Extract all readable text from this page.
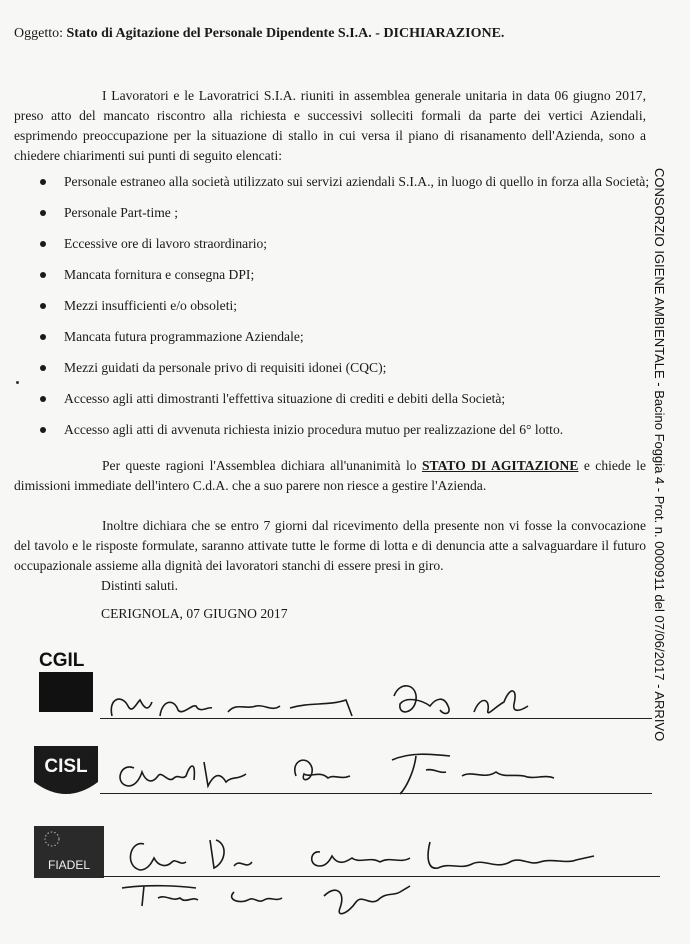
Oggetto: Stato di Agitazione del Personale Dipendente S.I.A. - DICHIARAZIONE.

I Lavoratori e le Lavoratrici S.I.A. riuniti in assemblea generale unitaria in data 06 giugno 2017, preso atto del mancato riscontro alla richiesta e successivi solleciti formali da parte dei vertici Aziendali, esprimendo preoccupazione per la situazione di stallo in cui versa il piano di risanamento dell'Azienda, sono a chiedere chiarimenti sui punti di seguito elencati:

Personale estraneo alla società utilizzato sui servizi aziendali S.I.A., in luogo di quello in forza alla Società;
Personale Part-time ;
Eccessive ore di lavoro straordinario;
Mancata fornitura e consegna DPI;
Mezzi insufficienti e/o obsoleti;
Mancata futura programmazione Aziendale;
Mezzi guidati da personale privo di requisiti idonei (CQC);
Accesso agli atti dimostranti l'effettiva situazione di crediti e debiti della Società;
Accesso agli atti di avvenuta richiesta inizio procedura mutuo per realizzazione del 6° lotto.

Per queste ragioni l'Assemblea dichiara all'unanimità lo STATO DI AGITAZIONE e chiede le dimissioni immediate dell'intero C.d.A. che a suo parere non riesce a gestire l'Azienda.

Inoltre dichiara che se entro 7 giorni dal ricevimento della presente non vi fosse la convocazione del tavolo e le risposte formulate, saranno attivate tutte le forme di lotta e di denuncia atte a salvaguardare il futuro occupazionale assieme alla dignità dei lavoratori stanchi di essere presi in giro.

Distinti saluti.
CERIGNOLA, 07 GIUGNO 2017	CONSORZIO IGIENE AMBIENTALE - Bacino Foggia 4 - Prot. n. 0000911 del 07/06/2017 - ARRIVO
CGIL
CISL
FIADEL
